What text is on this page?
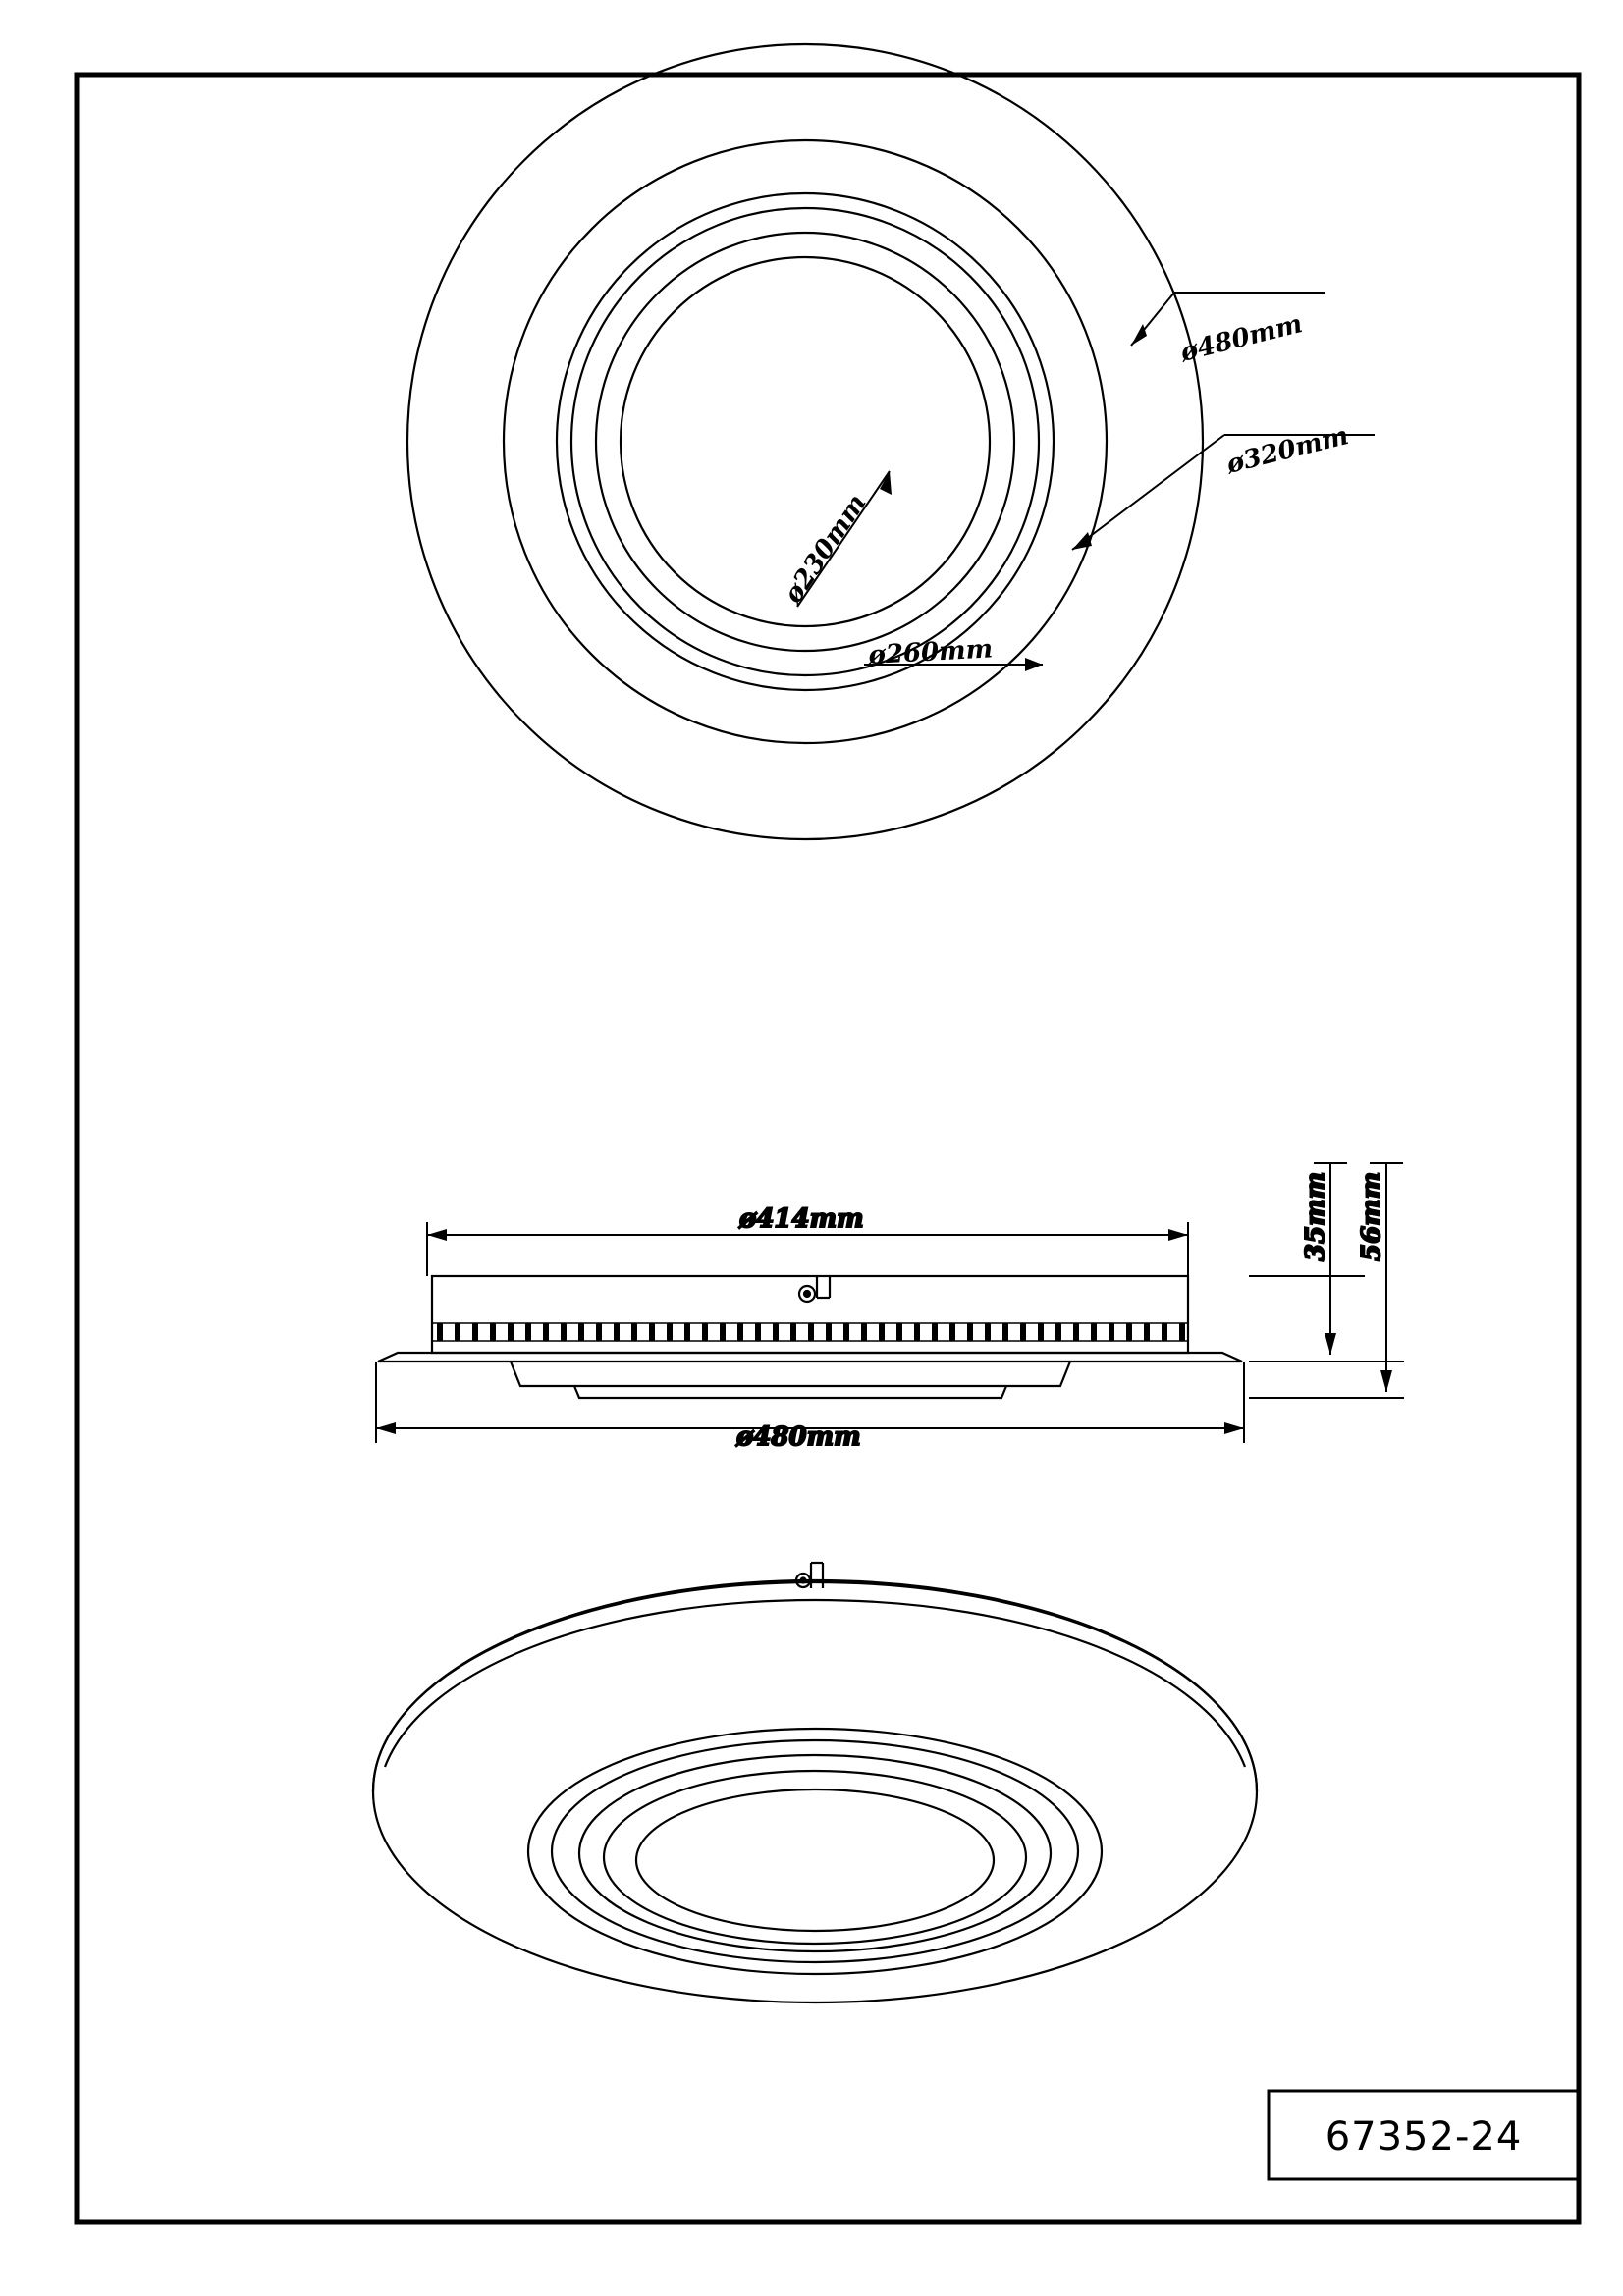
ø480mm
ø320mm
ø230mm
ø260mm
ø414mm
ø480mm
35mm 56mm
67352-24
